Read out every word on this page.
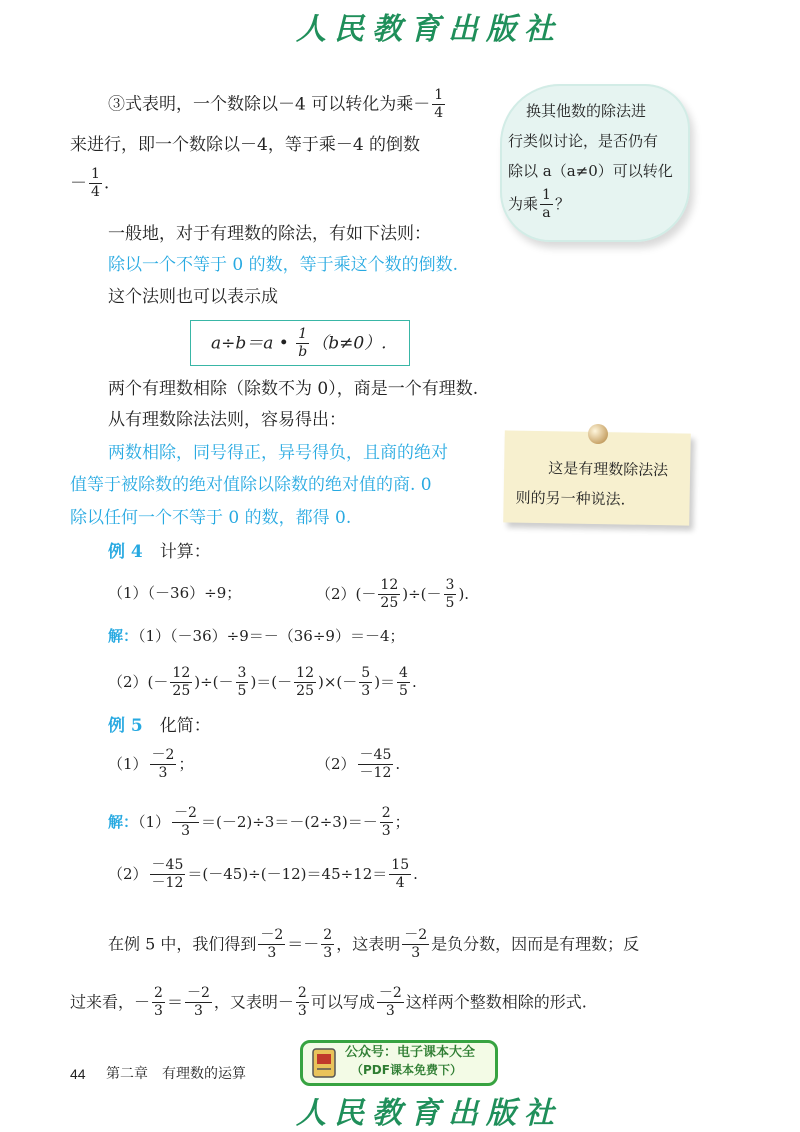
人民教育出版社
③式表明，一个数除以－4 可以转化为乘－ $\frac{1}{4}$
来进行，即一个数除以－4，等于乘－4 的倒数
－ $\frac{1}{4}$ .
换其他数的除法进
行类似讨论，是否仍有
除以 a（a≠0）可以转化
为乘 $\frac{1}{a}$ ？
一般地，对于有理数的除法，有如下法则：
除以一个不等于 0 的数，等于乘这个数的倒数.
这个法则也可以表示成
a÷b＝a • $\frac{1}{b} (b\ne 0)$.
两个有理数相除（除数不为 0），商是一个有理数.
从有理数除法法则，容易得出：
两数相除，同号得正，异号得负，且商的绝对
值等于被除数的绝对值除以除数的绝对值的商. 0
除以任何一个不等于 0 的数，都得 0.
这是有理数除法法
则的另一种说法.
例 4　 计算：
（1）（－36）÷9；	$(2)(- \frac{12}{25}$ )÷(－ $\frac{3}{5}$ ).
解：（1）（－36）÷9＝－（36÷9）＝－4；
$(2)(- \frac{12}{25}$ )÷(－ $\frac{3}{5}$ )＝(－ $\frac{12}{25}$ )×(－ $\frac{5}{3}$ )＝ $\frac{4}{5}$ .
例 5　 化简：
$(1) \frac{-2}{3}$ ；	$(2) \frac{-45}{-12}$ .
解：$(1) \frac{-2}{3} =(-2)\div 3=-(2\div 3)=- \frac{2}{3}$ ；
$(2) \frac{-45}{-12} =(-45)\div(-12)=45\div 12= \frac{15}{4}$ .
在例 5 中，我们得到 $\frac{-2}{3} =- \frac{2}{3}$ ，这表明 $\frac{-2}{3}$ 是负分数，因而是有理数；反
过来看，－ $\frac{2}{3} = \frac{-2}{3}$ ，又表明－ $\frac{2}{3}$ 可以写成 $\frac{-2}{3}$ 这样两个整数相除的形式.
44 第二章　有理数的运算
公众号：电子课本大全
（PDF课本免费下）
人民教育出版社
